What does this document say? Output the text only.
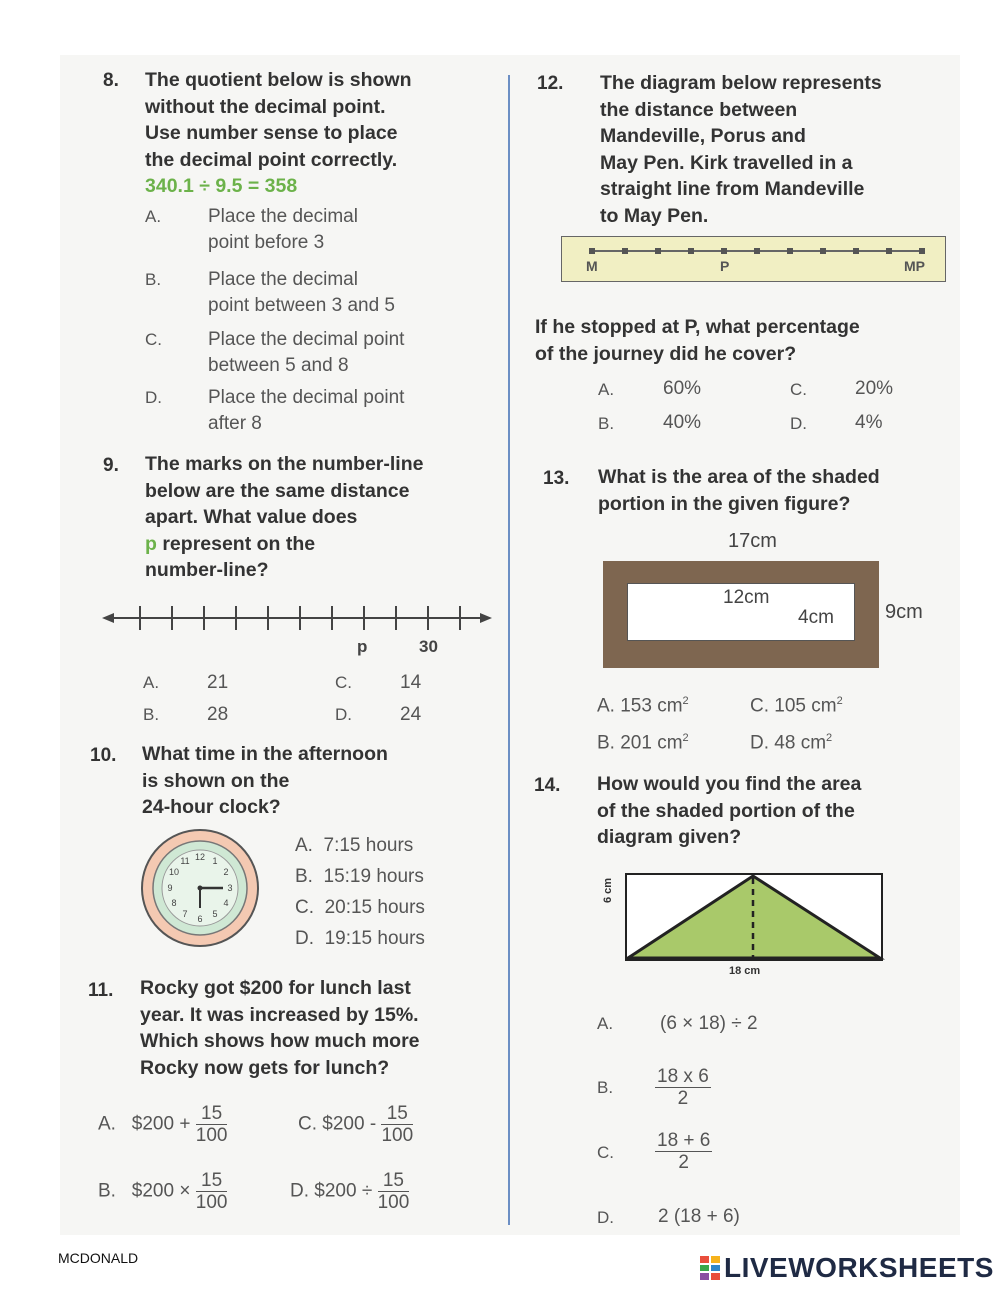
8. The quotient below is shown
without the decimal point.
Use number sense to place
the decimal point correctly.
340.1 ÷ 9.5 = 358
A. Place the decimal
point before 3
B. Place the decimal
point between 3 and 5
C. Place the decimal point
between 5 and 8
D. Place the decimal point
after 8
9. The marks on the number-line
below are the same distance
apart. What value does
p represent on the
number-line?
p	30
A.	21	C.	14
B.	28	D.	24
10. What time in the afternoon
is shown on the
24-hour clock?
12 1
2
3
4
5
6
7
8
9
10
11
A. 7:15 hours
B. 15:19 hours
C. 20:15 hours
D. 19:15 hours
11. Rocky got $200 for lunch last
year. It was increased by 15%.
Which shows how much more
Rocky now gets for lunch?
A. $200 + $\frac{15}{100}$	C. $200 - $\frac{15}{100}$
B. $200 × $\frac{15}{100}$	D. $200 ÷ $\frac{15}{100}$
12. The diagram below represents
the distance between
Mandeville, Porus and
May Pen. Kirk travelled in a
straight line from Mandeville
to May Pen.
M	P	MP
If he stopped at P, what percentage
of the journey did he cover?
A.	60%	C.	20%
B.	40%	D.	4%
13. What is the area of the shaded
portion in the given figure?
17cm
12cm
4cm	9cm
A. 153 $cm^2$	C. 105 $cm^2$
B. 201 $cm^2$	D. 48 $cm^2$
14. How would you find the area
of the shaded portion of the
diagram given?
6 cm
18 cm
A. (6 × 18) ÷ 2
B. $\frac{18 x 6}{2}$
C. $\frac{18 + 6}{2}$
D. 2 (18 + 6)
MCDONALD	LIVEWORKSHEETS
